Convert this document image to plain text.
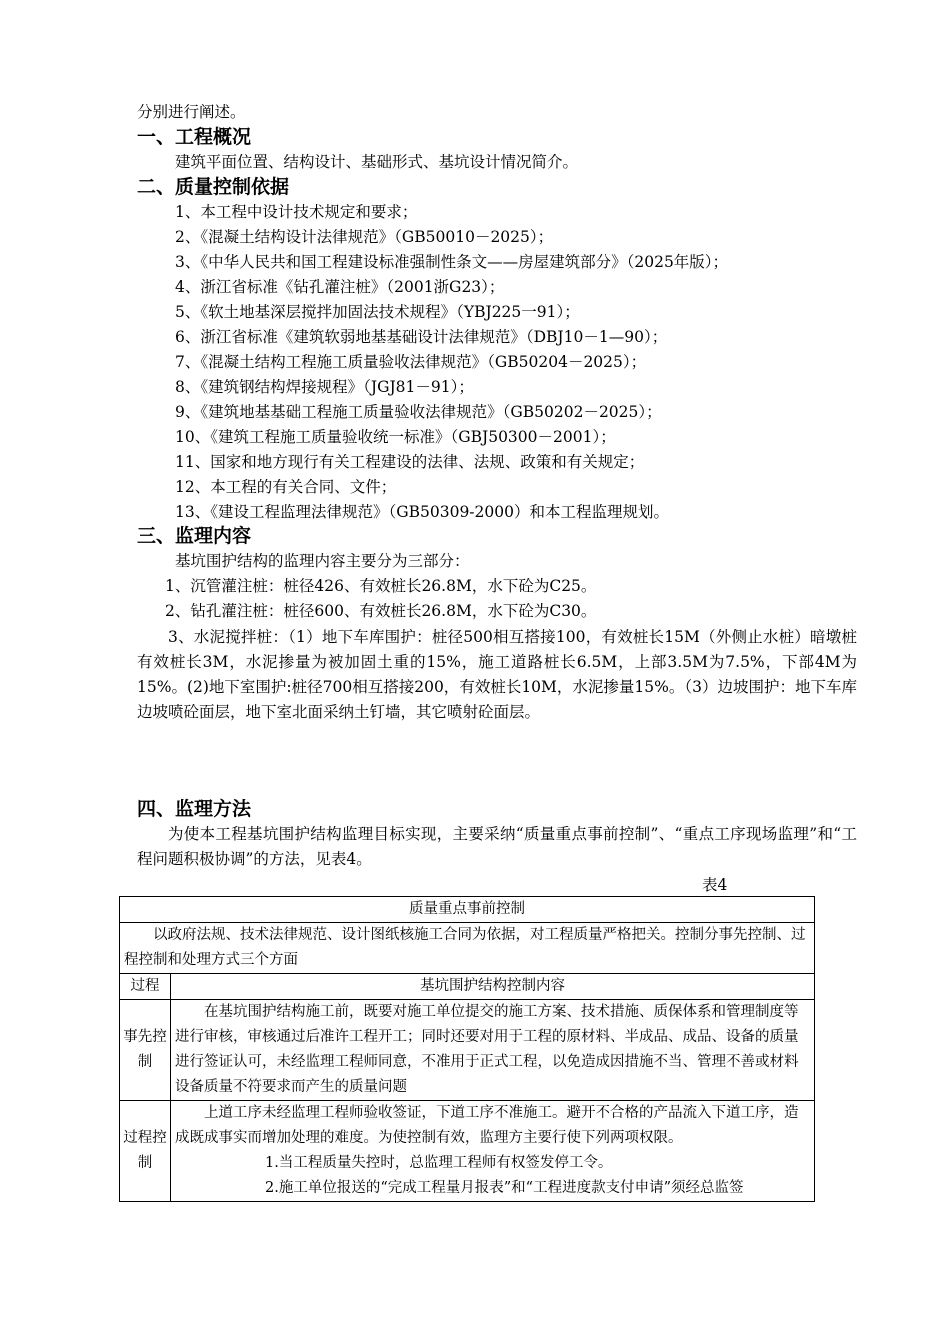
分别进行阐述。
一、工程概况
建筑平面位置、结构设计、基础形式、基坑设计情况简介。
二、质量控制依据
1、本工程中设计技术规定和要求；
2、《混凝土结构设计法律规范》（GB50010－2025）；
3、《中华人民共和国工程建设标准强制性条文——房屋建筑部分》（2025年版）；
4、浙江省标准《钻孔灌注桩》（2001浙G23）；
5、《软土地基深层搅拌加固法技术规程》（YBJ225一91）；
6、浙江省标准《建筑软弱地基基础设计法律规范》（DBJ10－1—90）；
7、《混凝土结构工程施工质量验收法律规范》（GB50204－2025）；
8、《建筑钢结构焊接规程》（JGJ81－91）；
9、《建筑地基基础工程施工质量验收法律规范》（GB50202－2025）；
10、《建筑工程施工质量验收统一标准》（GBJ50300－2001）；
11、国家和地方现行有关工程建设的法律、法规、政策和有关规定；
12、本工程的有关合同、文件；
13、《建设工程监理法律规范》（GB50309-2000）和本工程监理规划。
三、监理内容
基坑围护结构的监理内容主要分为三部分：
1、沉管灌注桩：桩径426、有效桩长26.8M，水下砼为C25。
2、钻孔灌注桩：桩径600、有效桩长26.8M，水下砼为C30。
3、水泥搅拌桩：（1）地下车库围护：桩径500相互搭接100，有效桩长15M（外侧止水桩）暗墩桩有效桩长3M，水泥掺量为被加固土重的15%，施工道路桩长6.5M，上部3.5M为7.5%，下部4M为15%。(2)地下室围护:桩径700相互搭接200，有效桩长10M，水泥掺量15%。（3）边坡围护：地下车库边坡喷砼面层，地下室北面采纳土钉墙，其它喷射砼面层。
四、监理方法
为使本工程基坑围护结构监理目标实现，主要采纳“质量重点事前控制”、“重点工序现场监理”和“工程问题积极协调”的方法，见表4。
表4
质量重点事前控制	
以政府法规、技术法律规范、设计图纸核施工合同为依据，对工程质量严格把关。控制分事先控制、过程控制和处理方式三个方面	
过程	基坑围护结构控制内容
事先控制	在基坑围护结构施工前，既要对施工单位提交的施工方案、技术措施、质保体系和管理制度等进行审核，审核通过后准许工程开工；同时还要对用于工程的原材料、半成品、成品、设备的质量进行签证认可，未经监理工程师同意，不准用于正式工程，以免造成因措施不当、管理不善或材料设备质量不符要求而产生的质量问题
过程控制	上道工序未经监理工程师验收签证，下道工序不准施工。避开不合格的产品流入下道工序，造成既成事实而增加处理的难度。为使控制有效，监理方主要行使下列两项权限。
1.当工程质量失控时，总监理工程师有权签发停工令。
2.施工单位报送的“完成工程量月报表”和“工程进度款支付申请”须经总监签
